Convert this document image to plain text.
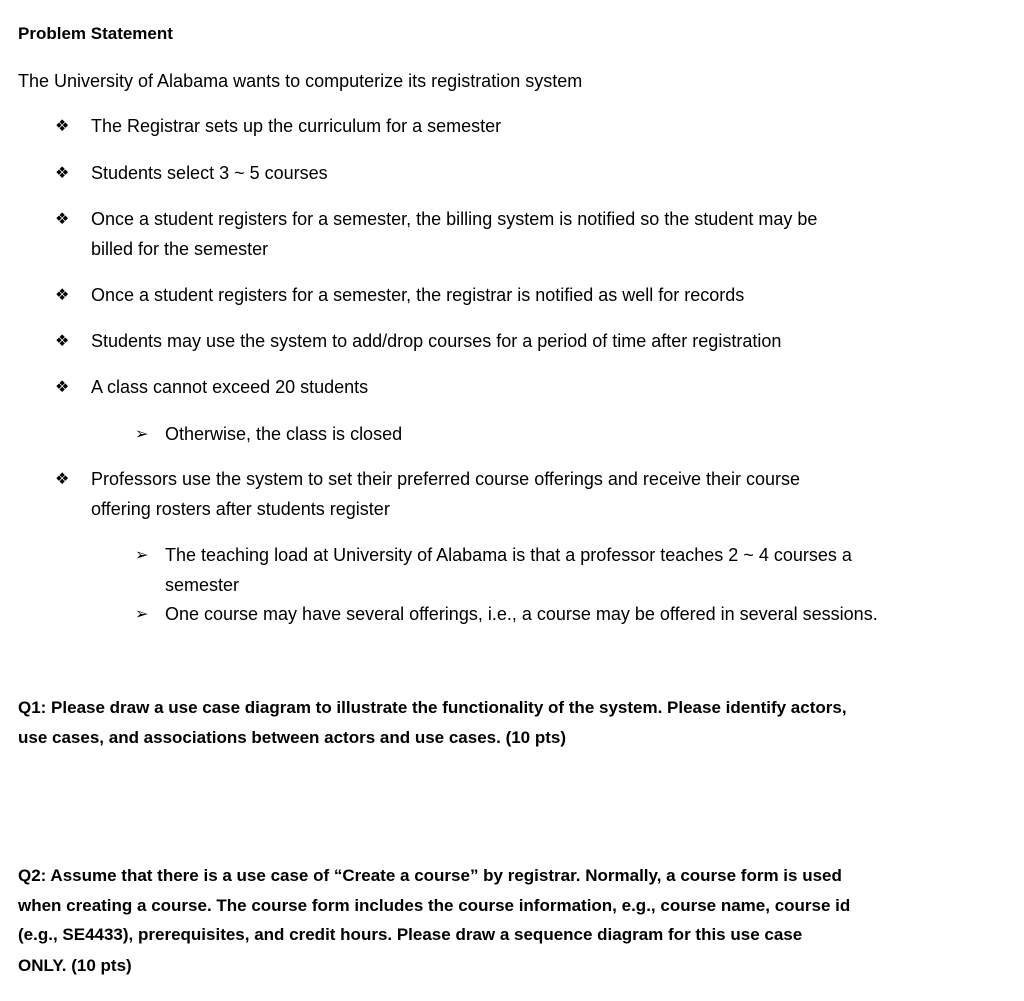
Problem Statement
The University of Alabama wants to computerize its registration system
❖ The Registrar sets up the curriculum for a semester
❖ Students select 3 ~ 5 courses
❖ Once a student registers for a semester, the billing system is notified so the student may be
billed for the semester
❖ Once a student registers for a semester, the registrar is notified as well for records
❖ Students may use the system to add/drop courses for a period of time after registration
❖ A class cannot exceed 20 students
➢ Otherwise, the class is closed
❖ Professors use the system to set their preferred course offerings and receive their course
offering rosters after students register
➢ The teaching load at University of Alabama is that a professor teaches 2 ~ 4 courses a
semester
➢ One course may have several offerings, i.e., a course may be offered in several sessions.
Q1: Please draw a use case diagram to illustrate the functionality of the system. Please identify actors,
use cases, and associations between actors and use cases. (10 pts)
Q2: Assume that there is a use case of “Create a course” by registrar. Normally, a course form is used
when creating a course. The course form includes the course information, e.g., course name, course id
(e.g., SE4433), prerequisites, and credit hours. Please draw a sequence diagram for this use case
ONLY. (10 pts)
